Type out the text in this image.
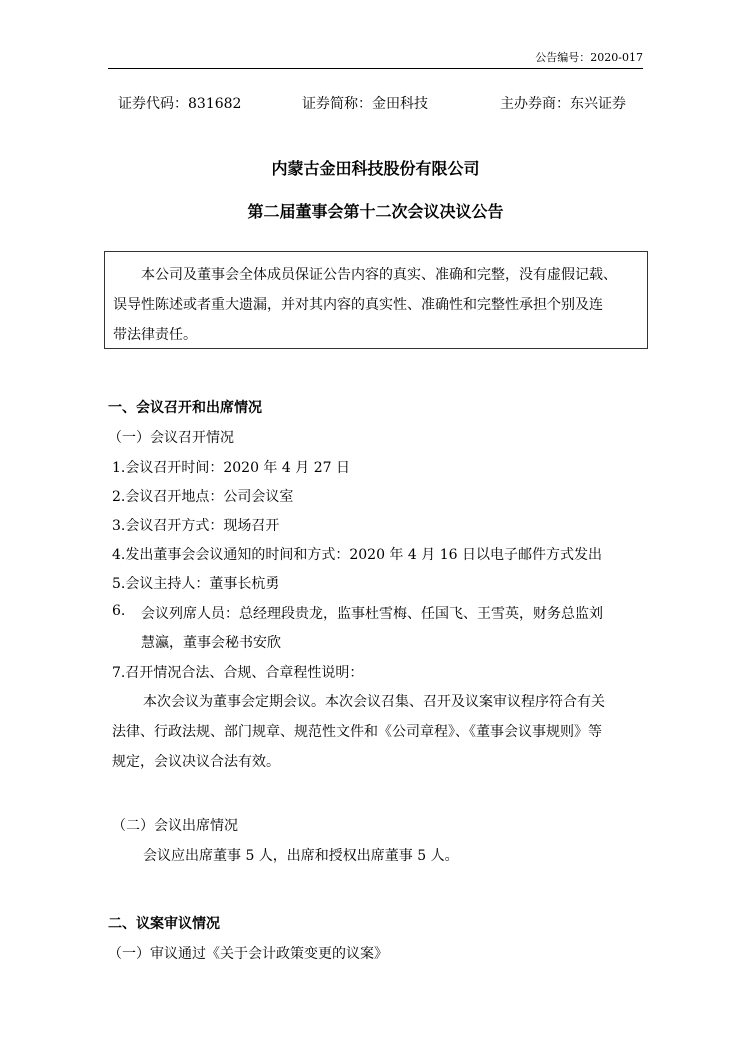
公告编号：2020-017
证券代码：831682	证券简称：金田科技	主办券商：东兴证券
内蒙古金田科技股份有限公司
第二届董事会第十二次会议决议公告
本公司及董事会全体成员保证公告内容的真实、准确和完整，没有虚假记载、
误导性陈述或者重大遗漏，并对其内容的真实性、准确性和完整性承担个别及连
带法律责任。
一、会议召开和出席情况
（一）会议召开情况
1.会议召开时间：2020 年 4 月 27 日
2.会议召开地点：公司会议室
3.会议召开方式：现场召开
4.发出董事会会议通知的时间和方式：2020 年 4 月 16 日以电子邮件方式发出
5.会议主持人：董事长杭勇
6. 会议列席人员：总经理段贵龙，监事杜雪梅、任国飞、王雪英，财务总监刘
慧瀛，董事会秘书安欣
7.召开情况合法、合规、合章程性说明：
本次会议为董事会定期会议。本次会议召集、召开及议案审议程序符合有关
法律、行政法规、部门规章、规范性文件和《公司章程》、《董事会议事规则》等
规定，会议决议合法有效。
（二）会议出席情况
会议应出席董事 5 人，出席和授权出席董事 5 人。
二、议案审议情况
（一）审议通过《关于会计政策变更的议案》
